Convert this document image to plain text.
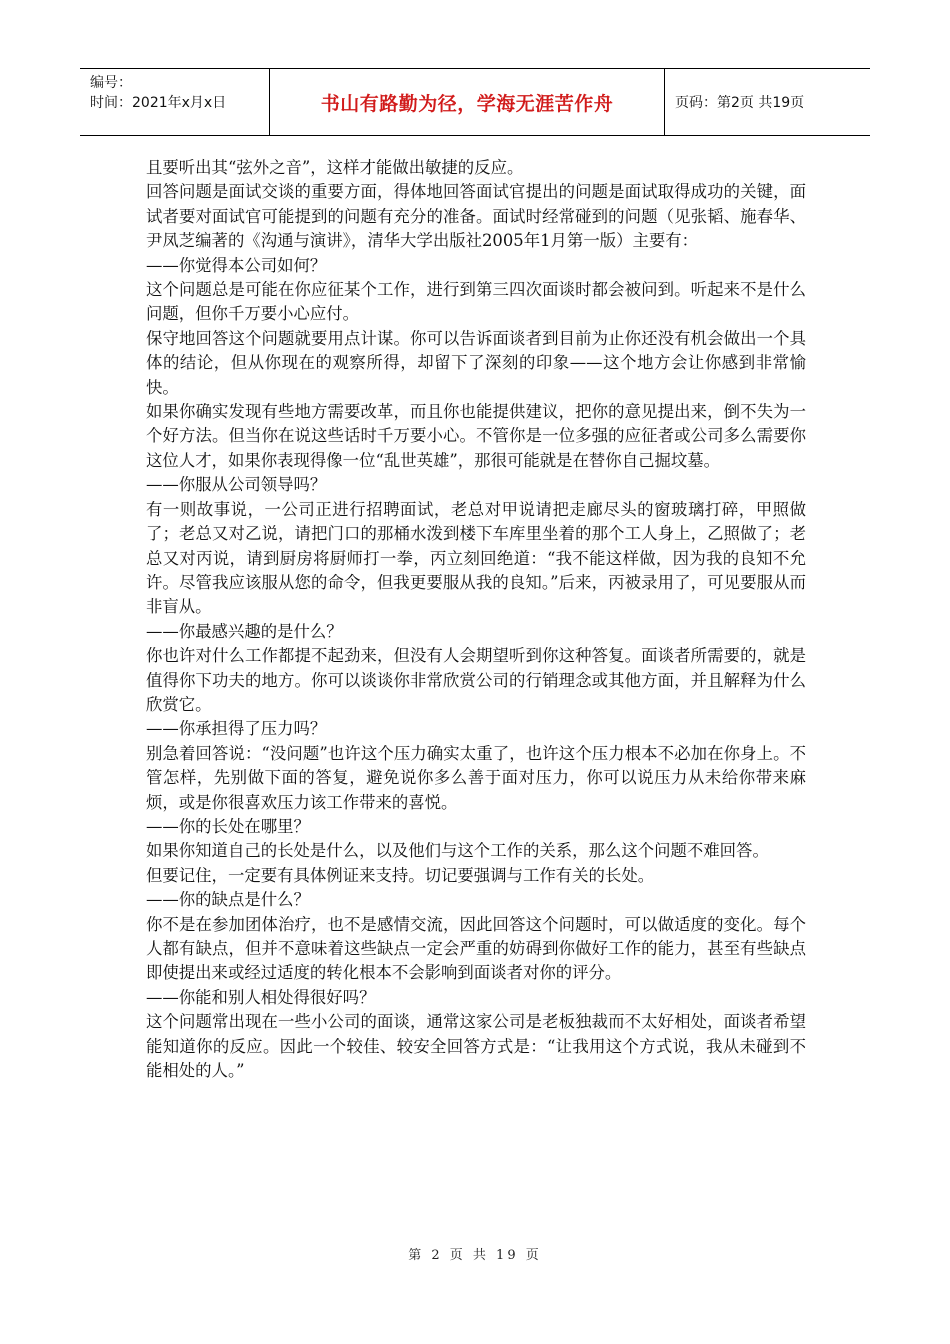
编号：
时间：2021年x月x日	书山有路勤为径，学海无涯苦作舟	页码：第2页 共19页

且要听出其“弦外之音”，这样才能做出敏捷的反应。

回答问题是面试交谈的重要方面，得体地回答面试官提出的问题是面试取得成功的关键，面试者要对面试官可能提到的问题有充分的准备。面试时经常碰到的问题（见张韬、施春华、尹凤芝编著的《沟通与演讲》，清华大学出版社2005年1月第一版）主要有：

——你觉得本公司如何？

这个问题总是可能在你应征某个工作，进行到第三四次面谈时都会被问到。听起来不是什么问题，但你千万要小心应付。

保守地回答这个问题就要用点计谋。你可以告诉面谈者到目前为止你还没有机会做出一个具体的结论，但从你现在的观察所得，却留下了深刻的印象——这个地方会让你感到非常愉快。

如果你确实发现有些地方需要改革，而且你也能提供建议，把你的意见提出来，倒不失为一个好方法。但当你在说这些话时千万要小心。不管你是一位多强的应征者或公司多么需要你这位人才，如果你表现得像一位“乱世英雄”，那很可能就是在替你自己掘坟墓。

——你服从公司领导吗？

有一则故事说，一公司正进行招聘面试，老总对甲说请把走廊尽头的窗玻璃打碎，甲照做了；老总又对乙说，请把门口的那桶水泼到楼下车库里坐着的那个工人身上，乙照做了；老总又对丙说，请到厨房将厨师打一拳，丙立刻回绝道：“我不能这样做，因为我的良知不允许。尽管我应该服从您的命令，但我更要服从我的良知。”后来，丙被录用了，可见要服从而非盲从。

——你最感兴趣的是什么？

你也许对什么工作都提不起劲来，但没有人会期望听到你这种答复。面谈者所需要的，就是值得你下功夫的地方。你可以谈谈你非常欣赏公司的行销理念或其他方面，并且解释为什么欣赏它。

——你承担得了压力吗？

别急着回答说：“没问题”也许这个压力确实太重了，也许这个压力根本不必加在你身上。不管怎样，先别做下面的答复，避免说你多么善于面对压力，你可以说压力从未给你带来麻烦，或是你很喜欢压力该工作带来的喜悦。

——你的长处在哪里？

如果你知道自己的长处是什么，以及他们与这个工作的关系，那么这个问题不难回答。

但要记住，一定要有具体例证来支持。切记要强调与工作有关的长处。

——你的缺点是什么？

你不是在参加团体治疗，也不是感情交流，因此回答这个问题时，可以做适度的变化。每个人都有缺点，但并不意味着这些缺点一定会严重的妨碍到你做好工作的能力，甚至有些缺点即使提出来或经过适度的转化根本不会影响到面谈者对你的评分。

——你能和别人相处得很好吗？

这个问题常出现在一些小公司的面谈，通常这家公司是老板独裁而不太好相处，面谈者希望能知道你的反应。因此一个较佳、较安全回答方式是：“让我用这个方式说，我从未碰到不能相处的人。”

第 2 页 共 19 页
